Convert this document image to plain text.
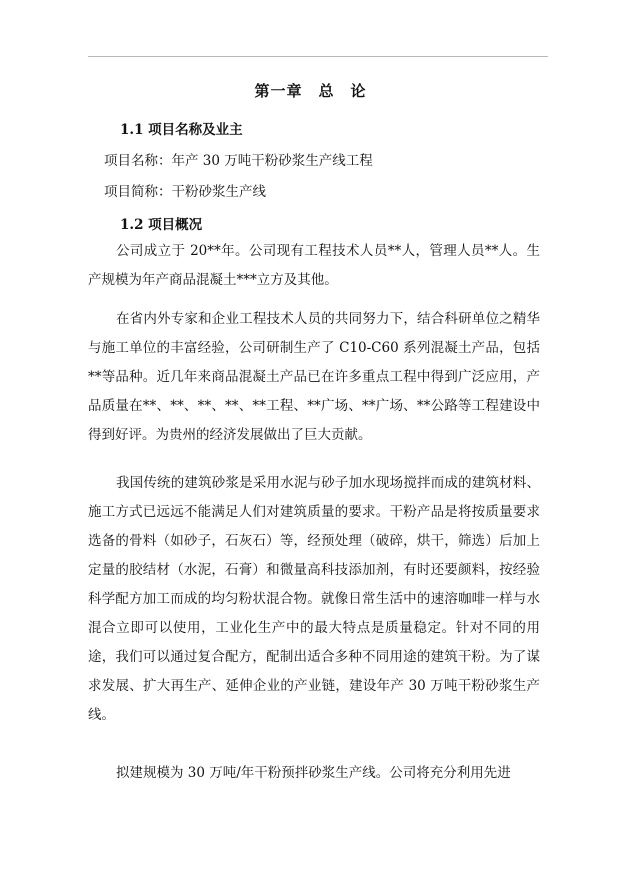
第一章　总　论
1.1 项目名称及业主
项目名称：年产 30 万吨干粉砂浆生产线工程
项目简称：干粉砂浆生产线
1.2 项目概况
公司成立于 20**年。公司现有工程技术人员**人，管理人员**人。生产规模为年产商品混凝土***立方及其他。
在省内外专家和企业工程技术人员的共同努力下，结合科研单位之精华与施工单位的丰富经验，公司研制生产了 C10-C60 系列混凝土产品，包括**等品种。近几年来商品混凝土产品已在许多重点工程中得到广泛应用，产品质量在**、**、**、**、**工程、**广场、**广场、**公路等工程建设中得到好评。为贵州的经济发展做出了巨大贡献。
我国传统的建筑砂浆是采用水泥与砂子加水现场搅拌而成的建筑材料、施工方式已远远不能满足人们对建筑质量的要求。干粉产品是将按质量要求选备的骨料（如砂子，石灰石）等，经预处理（破碎，烘干，筛选）后加上定量的胶结材（水泥，石膏）和微量高科技添加剂，有时还要颜料，按经验科学配方加工而成的均匀粉状混合物。就像日常生活中的速溶咖啡一样与水混合立即可以使用，工业化生产中的最大特点是质量稳定。针对不同的用途，我们可以通过复合配方，配制出适合多种不同用途的建筑干粉。为了谋求发展、扩大再生产、延伸企业的产业链，建设年产 30 万吨干粉砂浆生产线。
拟建规模为 30 万吨/年干粉预拌砂浆生产线。公司将充分利用先进
